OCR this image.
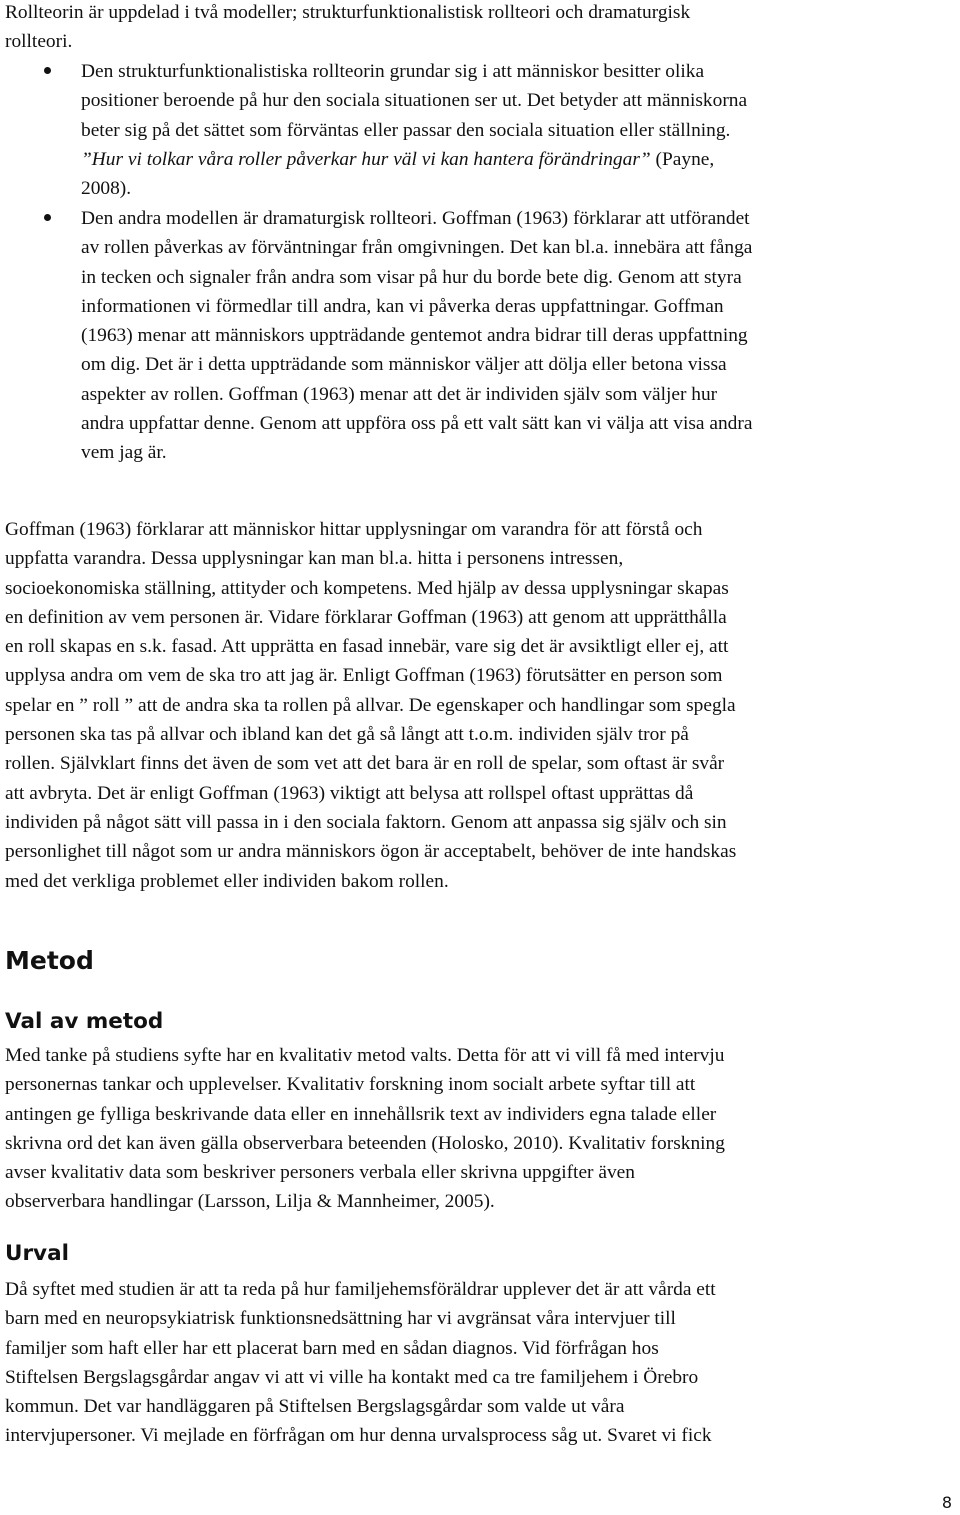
Rollteorin är uppdelad i två modeller; strukturfunktionalistisk rollteori och dramaturgisk
rollteori.

Den strukturfunktionalistiska rollteorin grundar sig i att människor besitter olika
positioner beroende på hur den sociala situationen ser ut. Det betyder att människorna
beter sig på det sättet som förväntas eller passar den sociala situation eller ställning.
”Hur vi tolkar våra roller påverkar hur väl vi kan hantera förändringar” (Payne,
2008).

Den andra modellen är dramaturgisk rollteori. Goffman (1963) förklarar att utförandet
av rollen påverkas av förväntningar från omgivningen. Det kan bl.a. innebära att fånga
in tecken och signaler från andra som visar på hur du borde bete dig. Genom att styra
informationen vi förmedlar till andra, kan vi påverka deras uppfattningar. Goffman
(1963) menar att människors uppträdande gentemot andra bidrar till deras uppfattning
om dig. Det är i detta uppträdande som människor väljer att dölja eller betona vissa
aspekter av rollen. Goffman (1963) menar att det är individen själv som väljer hur
andra uppfattar denne. Genom att uppföra oss på ett valt sätt kan vi välja att visa andra
vem jag är.

Goffman (1963) förklarar att människor hittar upplysningar om varandra för att förstå och
uppfatta varandra. Dessa upplysningar kan man bl.a. hitta i personens intressen,
socioekonomiska ställning, attityder och kompetens. Med hjälp av dessa upplysningar skapas
en definition av vem personen är. Vidare förklarar Goffman (1963) att genom att upprätthålla
en roll skapas en s.k. fasad. Att upprätta en fasad innebär, vare sig det är avsiktligt eller ej, att
upplysa andra om vem de ska tro att jag är. Enligt Goffman (1963) förutsätter en person som
spelar en ” roll ” att de andra ska ta rollen på allvar. De egenskaper och handlingar som spegla
personen ska tas på allvar och ibland kan det gå så långt att t.o.m. individen själv tror på
rollen. Självklart finns det även de som vet att det bara är en roll de spelar, som oftast är svår
att avbryta. Det är enligt Goffman (1963) viktigt att belysa att rollspel oftast upprättas då
individen på något sätt vill passa in i den sociala faktorn. Genom att anpassa sig själv och sin
personlighet till något som ur andra människors ögon är acceptabelt, behöver de inte handskas
med det verkliga problemet eller individen bakom rollen.

Metod
Val av metod

Med tanke på studiens syfte har en kvalitativ metod valts. Detta för att vi vill få med intervju
personernas tankar och upplevelser. Kvalitativ forskning inom socialt arbete syftar till att
antingen ge fylliga beskrivande data eller en innehållsrik text av individers egna talade eller
skrivna ord det kan även gälla observerbara beteenden (Holosko, 2010). Kvalitativ forskning
avser kvalitativ data som beskriver personers verbala eller skrivna uppgifter även
observerbara handlingar (Larsson, Lilja & Mannheimer, 2005).

Urval

Då syftet med studien är att ta reda på hur familjehemsföräldrar upplever det är att vårda ett
barn med en neuropsykiatrisk funktionsnedsättning har vi avgränsat våra intervjuer till
familjer som haft eller har ett placerat barn med en sådan diagnos. Vid förfrågan hos
Stiftelsen Bergslagsgårdar angav vi att vi ville ha kontakt med ca tre familjehem i Örebro
kommun. Det var handläggaren på Stiftelsen Bergslagsgårdar som valde ut våra
intervjupersoner. Vi mejlade en förfrågan om hur denna urvalsprocess såg ut. Svaret vi fick

8
